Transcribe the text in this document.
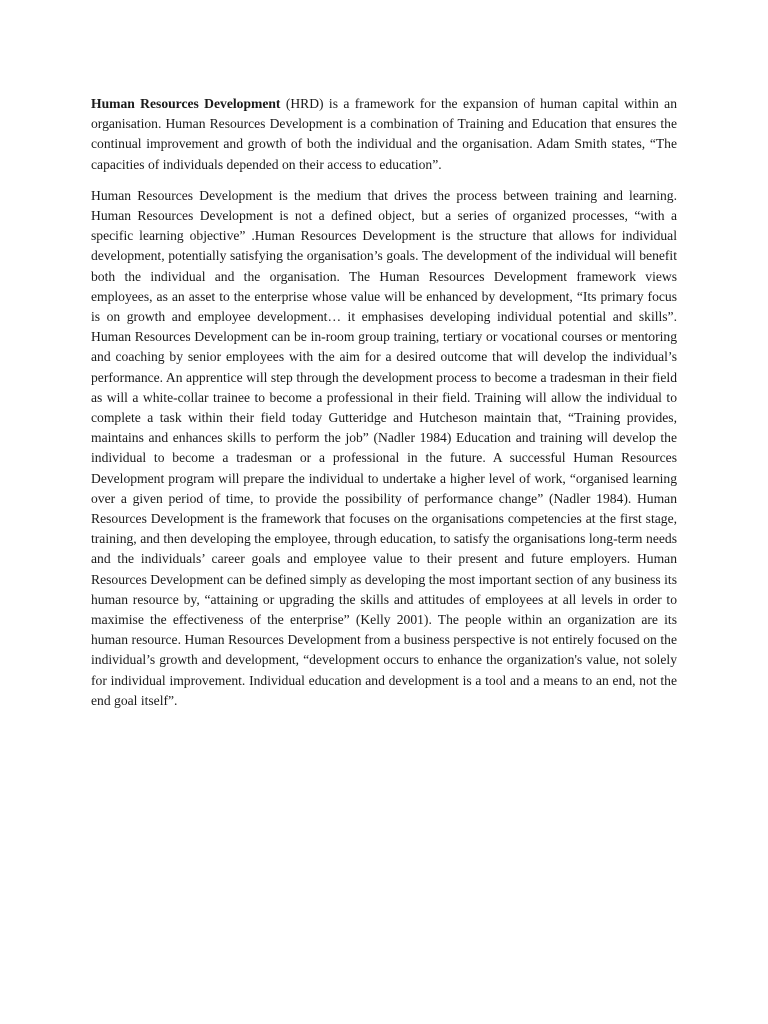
Human Resources Development (HRD) is a framework for the expansion of human capital within an organisation. Human Resources Development is a combination of Training and Education that ensures the continual improvement and growth of both the individual and the organisation. Adam Smith states, “The capacities of individuals depended on their access to education”.

Human Resources Development is the medium that drives the process between training and learning. Human Resources Development is not a defined object, but a series of organized processes, “with a specific learning objective” .Human Resources Development is the structure that allows for individual development, potentially satisfying the organisation’s goals. The development of the individual will benefit both the individual and the organisation. The Human Resources Development framework views employees, as an asset to the enterprise whose value will be enhanced by development, “Its primary focus is on growth and employee development… it emphasises developing individual potential and skills”. Human Resources Development can be in-room group training, tertiary or vocational courses or mentoring and coaching by senior employees with the aim for a desired outcome that will develop the individual’s performance. An apprentice will step through the development process to become a tradesman in their field as will a white-collar trainee to become a professional in their field. Training will allow the individual to complete a task within their field today Gutteridge and Hutcheson maintain that, “Training provides, maintains and enhances skills to perform the job” (Nadler 1984) Education and training will develop the individual to become a tradesman or a professional in the future. A successful Human Resources Development program will prepare the individual to undertake a higher level of work, “organised learning over a given period of time, to provide the possibility of performance change” (Nadler 1984). Human Resources Development is the framework that focuses on the organisations competencies at the first stage, training, and then developing the employee, through education, to satisfy the organisations long-term needs and the individuals’ career goals and employee value to their present and future employers. Human Resources Development can be defined simply as developing the most important section of any business its human resource by, “attaining or upgrading the skills and attitudes of employees at all levels in order to maximise the effectiveness of the enterprise” (Kelly 2001). The people within an organization are its human resource. Human Resources Development from a business perspective is not entirely focused on the individual’s growth and development, “development occurs to enhance the organization's value, not solely for individual improvement. Individual education and development is a tool and a means to an end, not the end goal itself”.
